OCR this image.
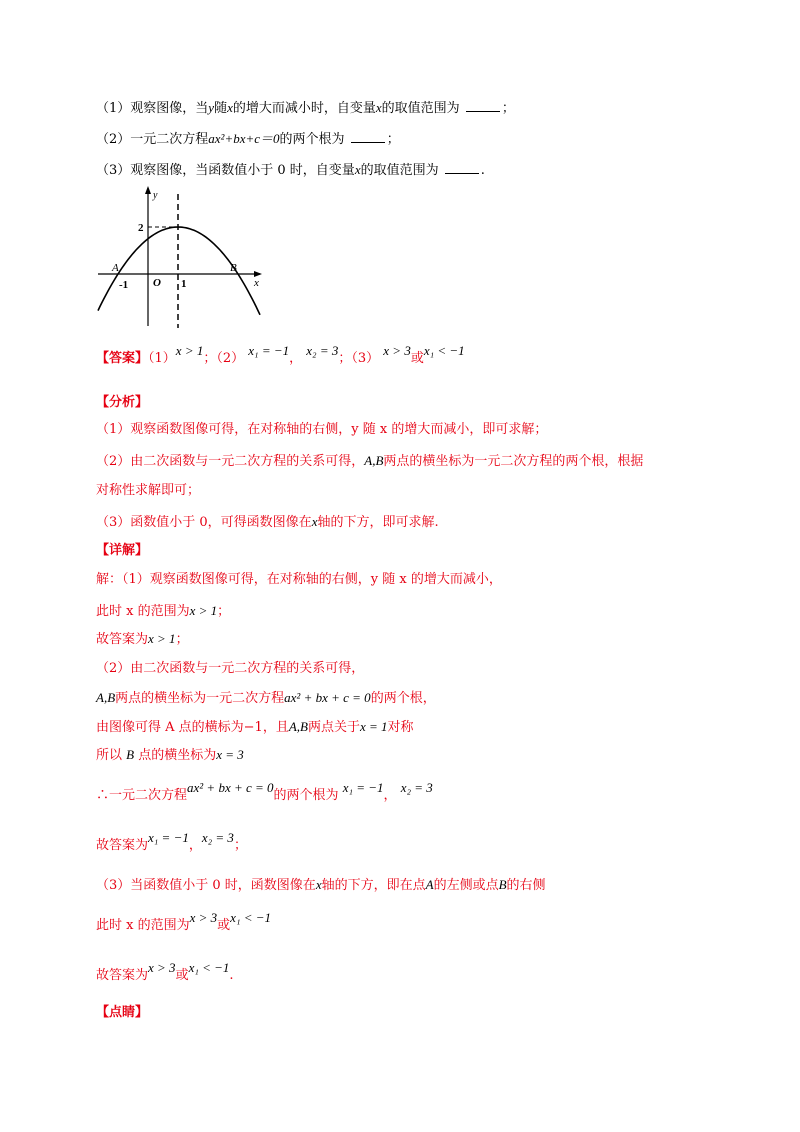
（1）观察图像，当y随x的增大而减小时，自变量x的取值范围为	；
（2）一元二次方程ax²+bx+c＝0的两个根为	；
（3）观察图像，当函数值小于 0 时，自变量x的取值范围为	.
y
x
A	B
-1 O 1
2
【答案】（1）x > 1；（2） x₁ = −1， x₂ = 3；（3） x > 3或x₁ < −1
【分析】
（1）观察函数图像可得，在对称轴的右侧，y 随 x 的增大而减小，即可求解；
（2）由二次函数与一元二次方程的关系可得，A,B两点的横坐标为一元二次方程的两个根，根据
对称性求解即可；
（3）函数值小于 0，可得函数图像在x轴的下方，即可求解.
【详解】
解：（1）观察函数图像可得，在对称轴的右侧，y 随 x 的增大而减小，
此时 x 的范围为x > 1；
故答案为x > 1；
（2）由二次函数与一元二次方程的关系可得，
A,B两点的横坐标为一元二次方程ax² + bx + c = 0的两个根，
由图像可得 A 点的横标为−1，且A,B两点关于x = 1对称
所以 B 点的横坐标为x = 3
∴一元二次方程ax² + bx + c = 0的两个根为 x₁ = −1， x₂ = 3
故答案为x₁ = −1，x₂ = 3；
（3）当函数值小于 0 时，函数图像在x轴的下方，即在点A的左侧或点B的右侧
此时 x 的范围为x > 3或x₁ < −1
故答案为x > 3或x₁ < −1.
【点睛】
